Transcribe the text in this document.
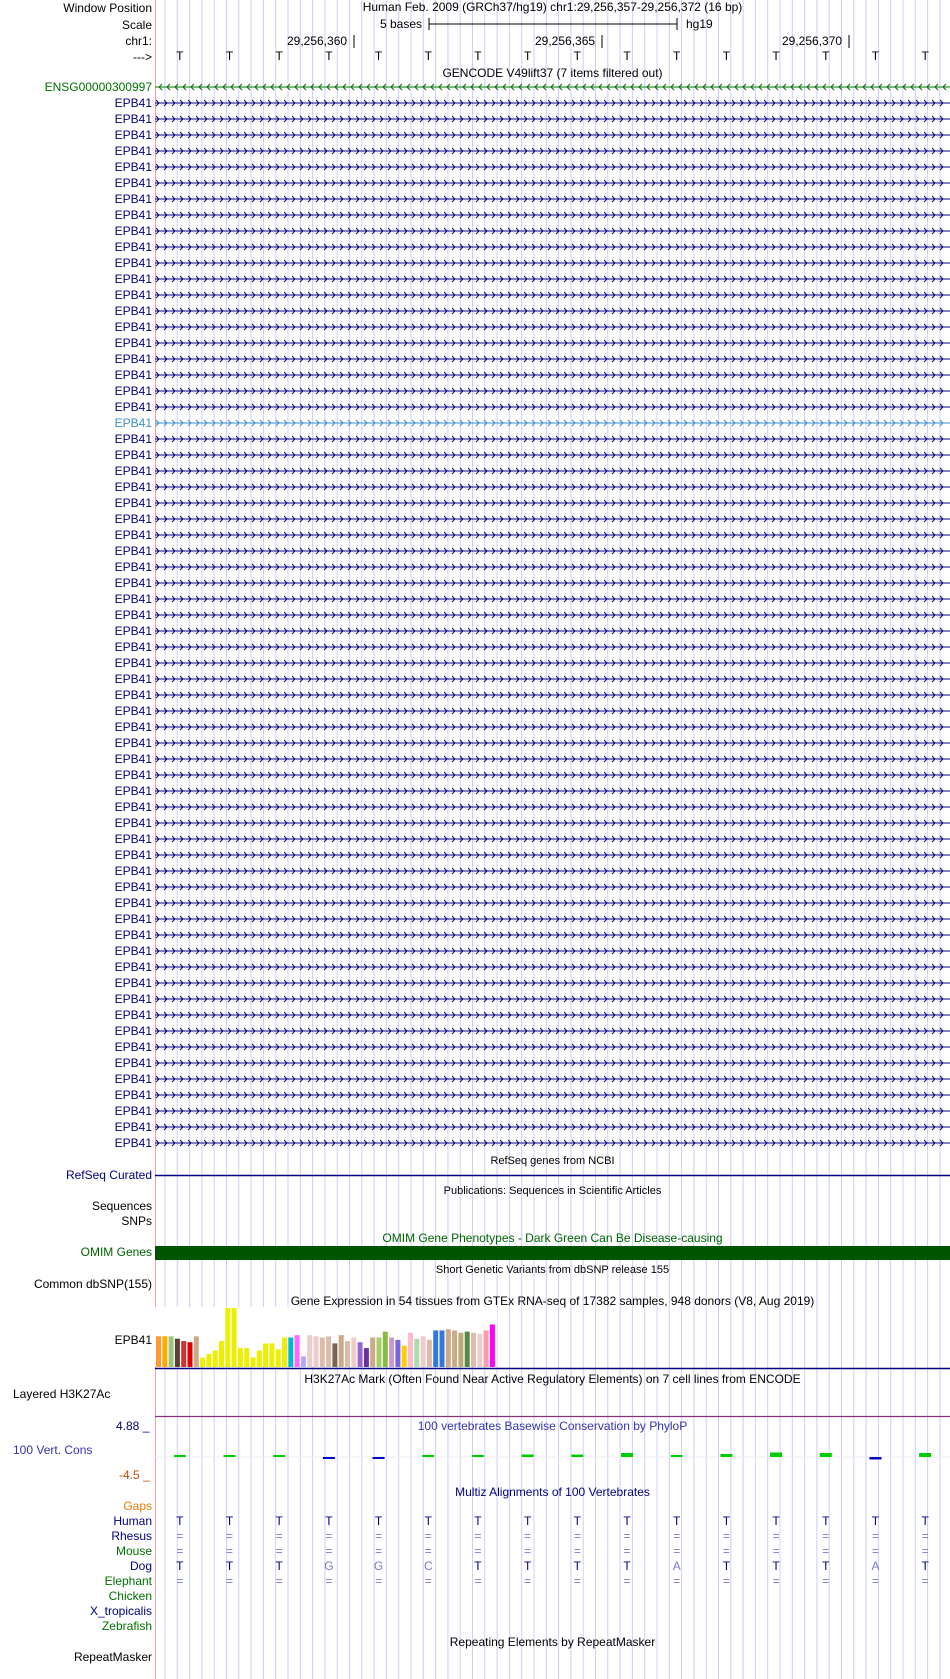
Window Position	Human Feb. 2009 (GRCh37/hg19) chr1:29,256,357-29,256,372 (16 bp)
Scale	5 bases	hg19
chr1:	29,256,360	29,256,365	29,256,370
--->	T	T	T	T	T	T	T	T	T	T	T	T	T	T	T	T
GENCODE V49lift37 (7 items filtered out)
ENSG00000300997
EPB41
EPB41
EPB41
EPB41
EPB41
EPB41
EPB41
EPB41
EPB41
EPB41
EPB41
EPB41
EPB41
EPB41
EPB41
EPB41
EPB41
EPB41
EPB41
EPB41
EPB41
EPB41
EPB41
EPB41
EPB41
EPB41
EPB41
EPB41
EPB41
EPB41
EPB41
EPB41
EPB41
EPB41
EPB41
EPB41
EPB41
EPB41
EPB41
EPB41
EPB41
EPB41
EPB41
EPB41
EPB41
EPB41
EPB41
EPB41
EPB41
EPB41
EPB41
EPB41
EPB41
EPB41
EPB41
EPB41
EPB41
EPB41
EPB41
EPB41
EPB41
EPB41
EPB41
EPB41
EPB41
EPB41
RefSeq genes from NCBI
RefSeq Curated
Publications: Sequences in Scientific Articles
Sequences
SNPs
OMIM Gene Phenotypes - Dark Green Can Be Disease-causing
OMIM Genes
Short Genetic Variants from dbSNP release 155
Common dbSNP(155)
Gene Expression in 54 tissues from GTEx RNA-seq of 17382 samples, 948 donors (V8, Aug 2019)
EPB41
H3K27Ac Mark (Often Found Near Active Regulatory Elements) on 7 cell lines from ENCODE
Layered H3K27Ac
4.88 _	100 vertebrates Basewise Conservation by PhyloP
100 Vert. Cons
-4.5 _
Multiz Alignments of 100 Vertebrates
Gaps
Human	T	T	T	T	T	T	T	T	T	T	T	T	T	T	T	T
Rhesus	=	=	=	=	=	=	=	=	=	=	=	=	=	=	=	=
Mouse	=	=	=	=	=	=	=	=	=	=	=	=	=	=	=	=
Dog	T	T	T	G	G	C	T	T	T	T	A	T	T	T	A	T
Elephant	=	=	=	=	=	=	=	=	=	=	=	=	=	=	=	=
Chicken
X_tropicalis
Zebrafish
Repeating Elements by RepeatMasker
RepeatMasker
